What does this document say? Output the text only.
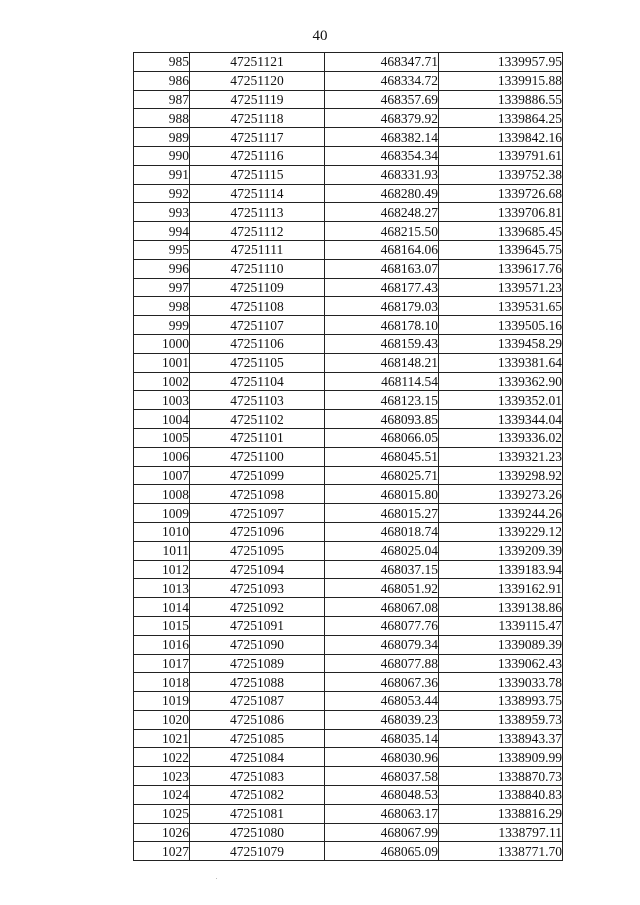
40
985	47251121	468347.71	1339957.95
986	47251120	468334.72	1339915.88
987	47251119	468357.69	1339886.55
988	47251118	468379.92	1339864.25
989	47251117	468382.14	1339842.16
990	47251116	468354.34	1339791.61
991	47251115	468331.93	1339752.38
992	47251114	468280.49	1339726.68
993	47251113	468248.27	1339706.81
994	47251112	468215.50	1339685.45
995	47251111	468164.06	1339645.75
996	47251110	468163.07	1339617.76
997	47251109	468177.43	1339571.23
998	47251108	468179.03	1339531.65
999	47251107	468178.10	1339505.16
1000	47251106	468159.43	1339458.29
1001	47251105	468148.21	1339381.64
1002	47251104	468114.54	1339362.90
1003	47251103	468123.15	1339352.01
1004	47251102	468093.85	1339344.04
1005	47251101	468066.05	1339336.02
1006	47251100	468045.51	1339321.23
1007	47251099	468025.71	1339298.92
1008	47251098	468015.80	1339273.26
1009	47251097	468015.27	1339244.26
1010	47251096	468018.74	1339229.12
1011	47251095	468025.04	1339209.39
1012	47251094	468037.15	1339183.94
1013	47251093	468051.92	1339162.91
1014	47251092	468067.08	1339138.86
1015	47251091	468077.76	1339115.47
1016	47251090	468079.34	1339089.39
1017	47251089	468077.88	1339062.43
1018	47251088	468067.36	1339033.78
1019	47251087	468053.44	1338993.75
1020	47251086	468039.23	1338959.73
1021	47251085	468035.14	1338943.37
1022	47251084	468030.96	1338909.99
1023	47251083	468037.58	1338870.73
1024	47251082	468048.53	1338840.83
1025	47251081	468063.17	1338816.29
1026	47251080	468067.99	1338797.11
1027	47251079	468065.09	1338771.70
